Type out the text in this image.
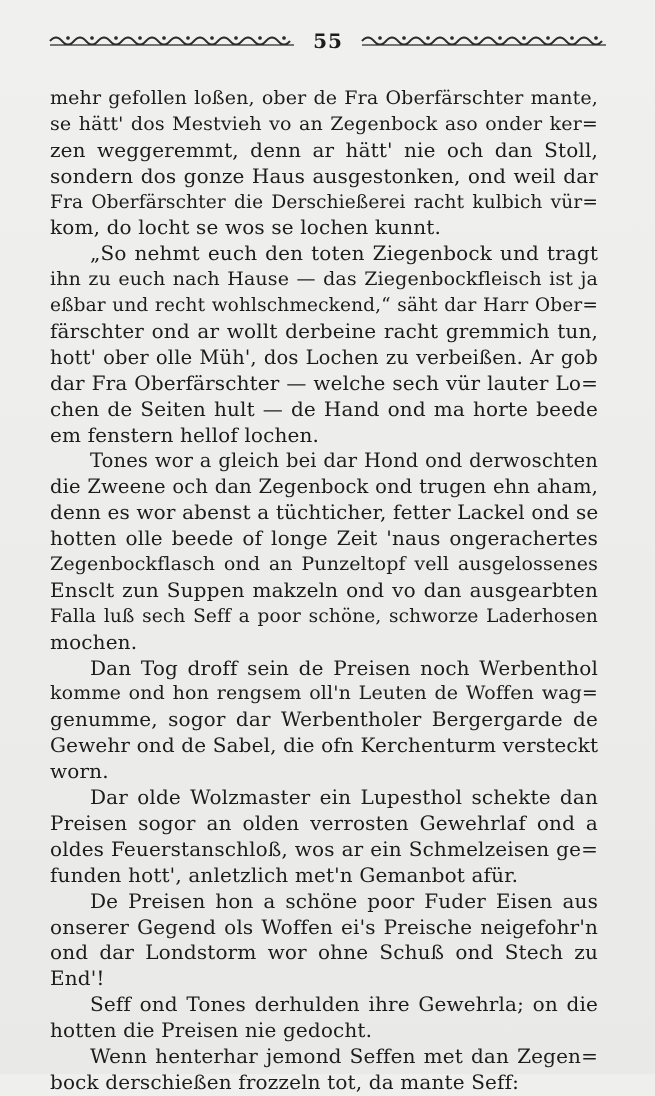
55
mehr gefollen loßen, ober de Fra Oberfärschter mante,
se hätt' dos Mestvieh vo an Zegenbock aso onder ker=
zen weggeremmt, denn ar hätt' nie och dan Stoll,
sondern dos gonze Haus ausgestonken, ond weil dar
Fra Oberfärschter die Derschießerei racht kulbich vür=
kom, do locht se wos se lochen kunnt.
„So nehmt euch den toten Ziegenbock und tragt
ihn zu euch nach Hause — das Ziegenbockfleisch ist ja
eßbar und recht wohlschmeckend,“ säht dar Harr Ober=
färschter ond ar wollt derbeine racht gremmich tun,
hott' ober olle Müh', dos Lochen zu verbeißen. Ar gob
dar Fra Oberfärschter — welche sech vür lauter Lo=
chen de Seiten hult — de Hand ond ma horte beede
em fenstern hellof lochen.
Tones wor a gleich bei dar Hond ond derwoschten
die Zweene och dan Zegenbock ond trugen ehn aham,
denn es wor abenst a tüchticher, fetter Lackel ond se
hotten olle beede of longe Zeit 'naus ongerachertes
Zegenbockflasch ond an Punzeltopf vell ausgelossenes
Ensclt zun Suppen makzeln ond vo dan ausgearbten
Falla luß sech Seff a poor schöne, schworze Laderhosen
mochen.
Dan Tog droff sein de Preisen noch Werbenthol
komme ond hon rengsem oll'n Leuten de Woffen wag=
genumme, sogor dar Werbentholer Bergergarde de
Gewehr ond de Sabel, die ofn Kerchenturm versteckt
worn.
Dar olde Wolzmaster ein Lupesthol schekte dan
Preisen sogor an olden verrosten Gewehrlaf ond a
oldes Feuerstanschloß, wos ar ein Schmelzeisen ge=
funden hott', anletzlich met'n Gemanbot afür.
De Preisen hon a schöne poor Fuder Eisen aus
onserer Gegend ols Woffen ei's Preische neigefohr'n
ond dar Londstorm wor ohne Schuß ond Stech zu
End'!
Seff ond Tones derhulden ihre Gewehrla; on die
hotten die Preisen nie gedocht.
Wenn henterhar jemond Seffen met dan Zegen=
bock derschießen frozzeln tot, da mante Seff:
